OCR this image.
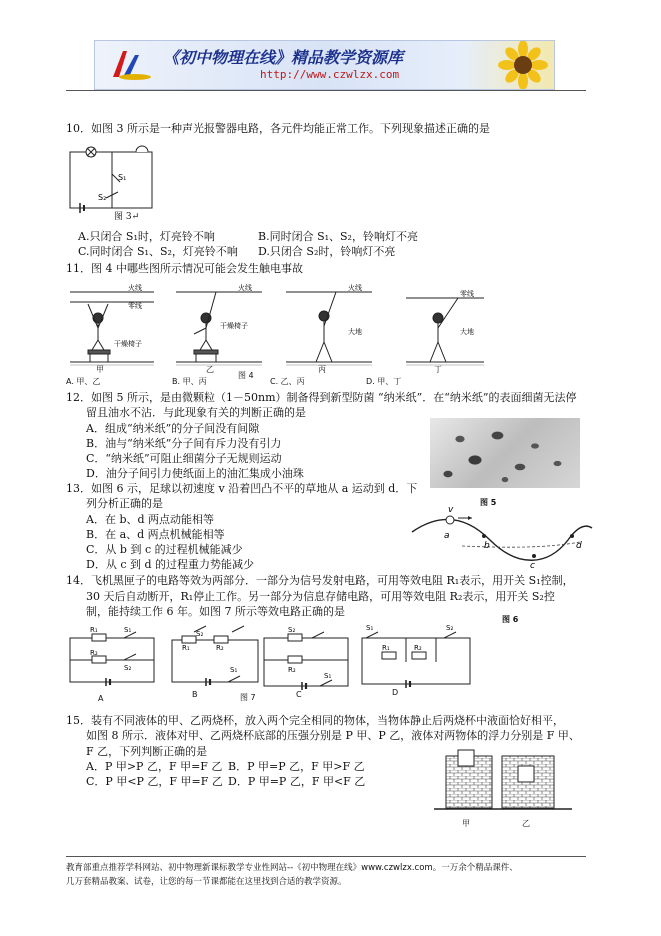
《初中物理在线》精品教学资源库
http://www.czwlzx.com
10．如图 3 所示是一种声光报警器电路，各元件均能正常工作。下列现象描述正确的是
S₁
S₂
图 3↵
A.只闭合 S₁时，灯亮铃不响	B.同时闭合 S₁、S₂，铃响灯不亮
C.同时闭合 S₁、S₂，灯亮铃不响 D.只闭合 S₂时，铃响灯不亮
11．图 4 中哪些图所示情况可能会发生触电事故
火线
零线
干燥椅子
火线
干燥椅子
火线
大地
零线
大地
甲	乙	丙	丁
图 4
A. 甲、乙	B. 甲、丙	C. 乙、丙	D. 甲、丁
12．如图 5 所示，是由微颗粒（1－50nm）制备得到新型防菌 “纳米纸”．在“纳米纸”的表面细菌无法停
留且油水不沾．与此现象有关的判断正确的是
A．组成“纳米纸”的分子间没有间隙
B．油与“纳米纸”分子间有斥力没有引力
C．“纳米纸”可阻止细菌分子无规则运动
D．油分子间引力使纸面上的油汇集成小油珠
图 5
13．如图 6 示，足球以初速度 v 沿着凹凸不平的草地从 a 运动到 d．下
列分析正确的是
A．在 b、d 两点动能相等
B．在 a、d 两点机械能相等
C．从 b 到 c 的过程机械能减少
D．从 c 到 d 的过程重力势能减少
v
a
b
c
d
14．飞机黑匣子的电路等效为两部分．一部分为信号发射电路，可用等效电阻 R₁表示，用开关 S₁控制，
30 天后自动断开，R₁停止工作。另一部分为信息存储电路，可用等效电阻 R₂表示，用开关 S₂控
制，能持续工作 6 年。如图 7 所示等效电路正确的是
图 6
R₁	S₁
R₂
S₂
R₁	R₂
S₂
S₁
S₂
R₂
S₁
R₁	R₂
S₁	S₂
A	B	图 7	C	D
15．装有不同液体的甲、乙两烧杯，放入两个完全相同的物体，当物体静止后两烧杯中液面恰好相平，
如图 8 所示．液体对甲、乙两烧杯底部的压强分别是 P 甲、P 乙，液体对两物体的浮力分别是 F 甲、
F 乙，下列判断正确的是
A．P 甲>P 乙，F 甲=F 乙 B．P 甲=P 乙，F 甲>F 乙
C．P 甲<P 乙，F 甲=F 乙 D．P 甲=P 乙，F 甲<F 乙
甲	乙
教育部重点推荐学科网站、初中物理新课标教学专业性网站--《初中物理在线》www.czwlzx.com。一万余个精品课件、
几万套精品教案、试卷，让您的每一节课都能在这里找到合适的教学资源。
